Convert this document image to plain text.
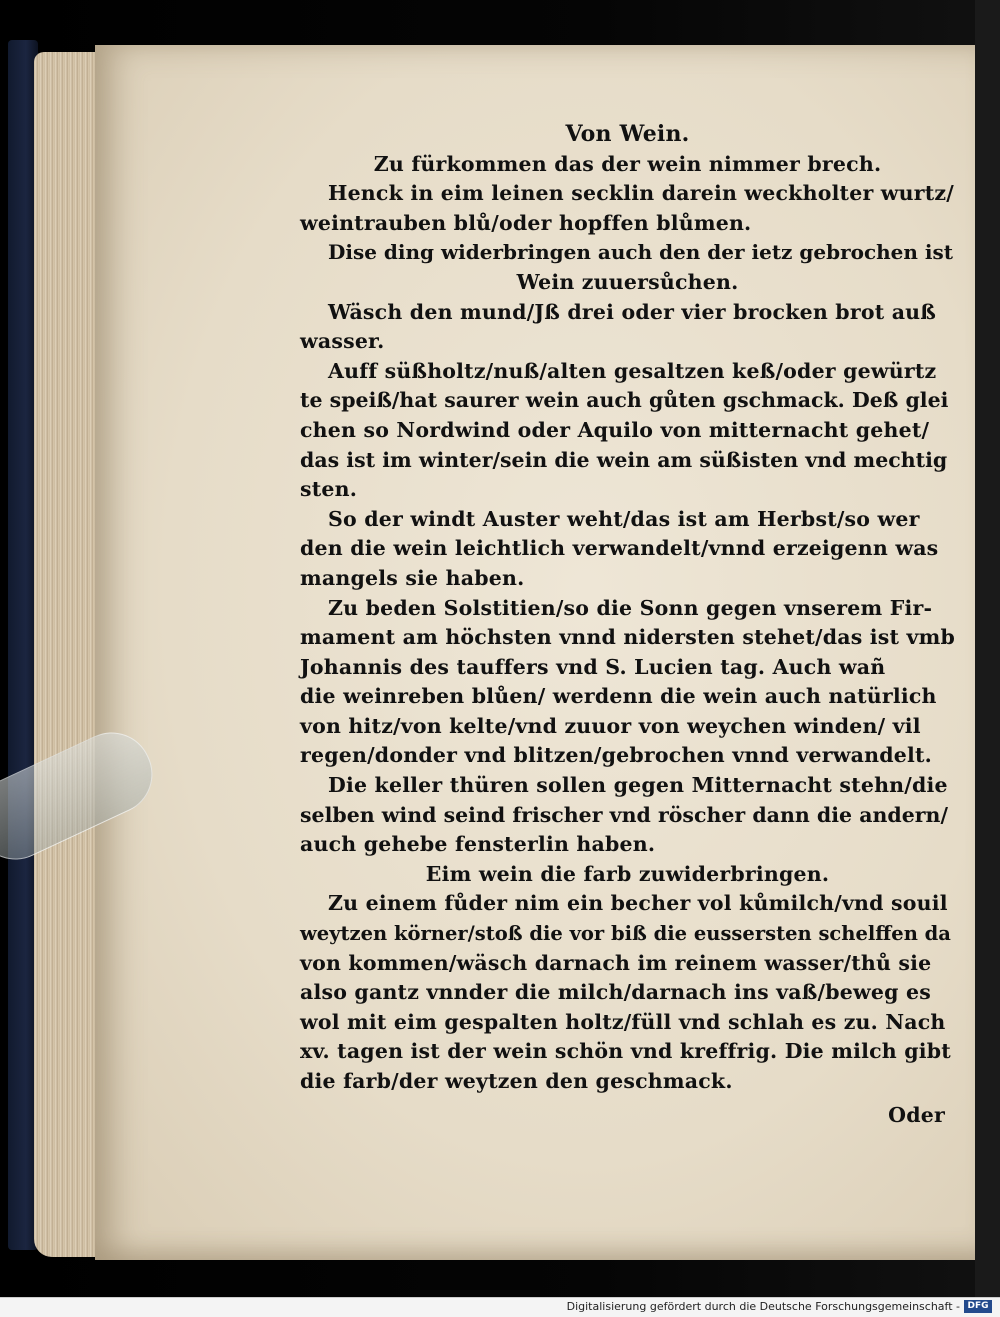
Von Wein.
Zu fürkommen das der wein nimmer brech.
Henck in eim leinen secklin darein weckholter wurtz/
weintrauben blů/oder hopffen blůmen.
Dise ding widerbringen auch den der ietz gebrochen ist
Wein zuuersůchen.
Wäsch den mund/Jß drei oder vier brocken brot auß
wasser.
Auff süßholtz/nuß/alten gesaltzen keß/oder gewürtz
te speiß/hat saurer wein auch gůten gschmack. Deß glei
chen so Nordwind oder Aquilo von mitternacht gehet/
das ist im winter/sein die wein am süßisten vnd mechtig
sten.
So der windt Auster weht/das ist am Herbst/so wer
den die wein leichtlich verwandelt/vnnd erzeigenn was
mangels sie haben.
Zu beden Solstitien/so die Sonn gegen vnserem Fir-
mament am höchsten vnnd nidersten stehet/das ist vmb
Johannis des tauffers vnd S. Lucien tag. Auch wañ
die weinreben blůen/ werdenn die wein auch natürlich
von hitz/von kelte/vnd zuuor von weychen winden/ vil
regen/donder vnd blitzen/gebrochen vnnd verwandelt.
Die keller thüren sollen gegen Mitternacht stehn/die
selben wind seind frischer vnd röscher dann die andern/
auch gehebe fensterlin haben.
Eim wein die farb zuwiderbringen.
Zu einem fůder nim ein becher vol kůmilch/vnd souil
weytzen körner/stoß die vor biß die eussersten schelffen da
von kommen/wäsch darnach im reinem wasser/thů sie
also gantz vnnder die milch/darnach ins vaß/beweg es
wol mit eim gespalten holtz/füll vnd schlah es zu. Nach
xv. tagen ist der wein schön vnd kreffrig. Die milch gibt
die farb/der weytzen den geschmack.
Oder
Digitalisierung gefördert durch die Deutsche Forschungsgemeinschaft - DFG
